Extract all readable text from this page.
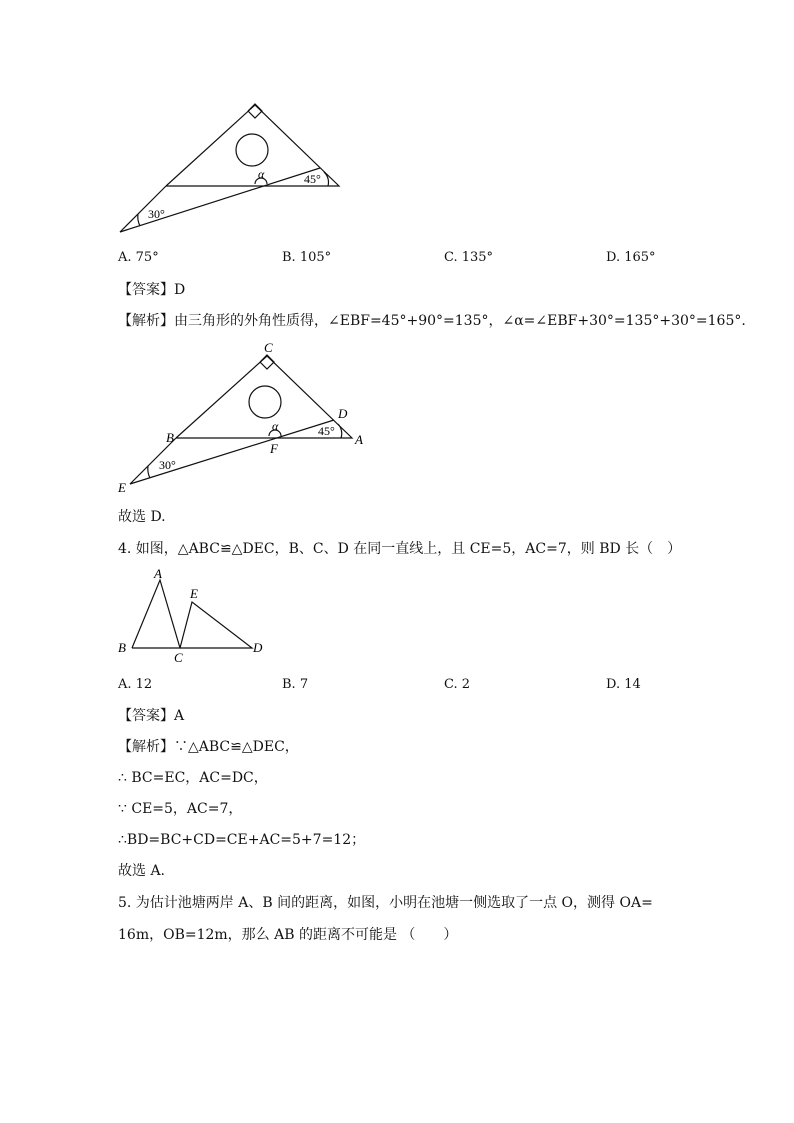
α	45°
30°
A. 75°	B. 105°	C. 135°	D. 165°
【答案】D
【解析】由三角形的外角性质得，∠EBF=45°+90°=135°，∠α=∠EBF+30°=135°+30°=165°.
C
D
B	A
F
E
α	45°
30°
故选 D.
4. 如图，△ABC≌△DEC，B、C、D 在同一直线上，且 CE=5，AC=7，则 BD 长（　）
A
E
B
C
D
A. 12	B. 7	C. 2	D. 14
【答案】A
【解析】∵△ABC≌△DEC，
∴ BC=EC，AC=DC，
∵ CE=5，AC=7，
∴BD=BC+CD=CE+AC=5+7=12；
故选 A.
5. 为估计池塘两岸 A、B 间的距离，如图，小明在池塘一侧选取了一点 O，测得 OA=
16m，OB=12m，那么 AB 的距离不可能是 （　　）
